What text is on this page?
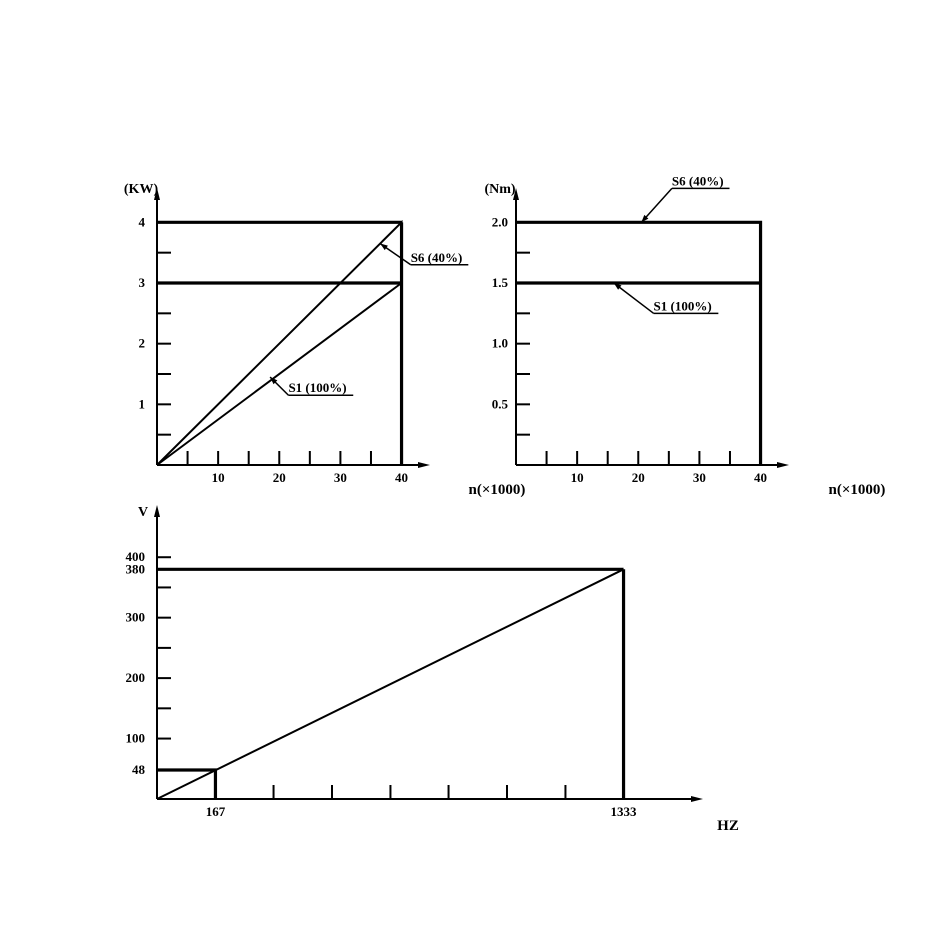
1
2
3
4
10	20	30	40
(KW)
n(×1000)
S6 (40%)
S1 (100%)
0.5
1.0
1.5
2.0
10	20	30	40
(Nm)
n(×1000)
S6 (40%)
S1 (100%)
48
100
200
300
380
400
167	1333
V
HZ
